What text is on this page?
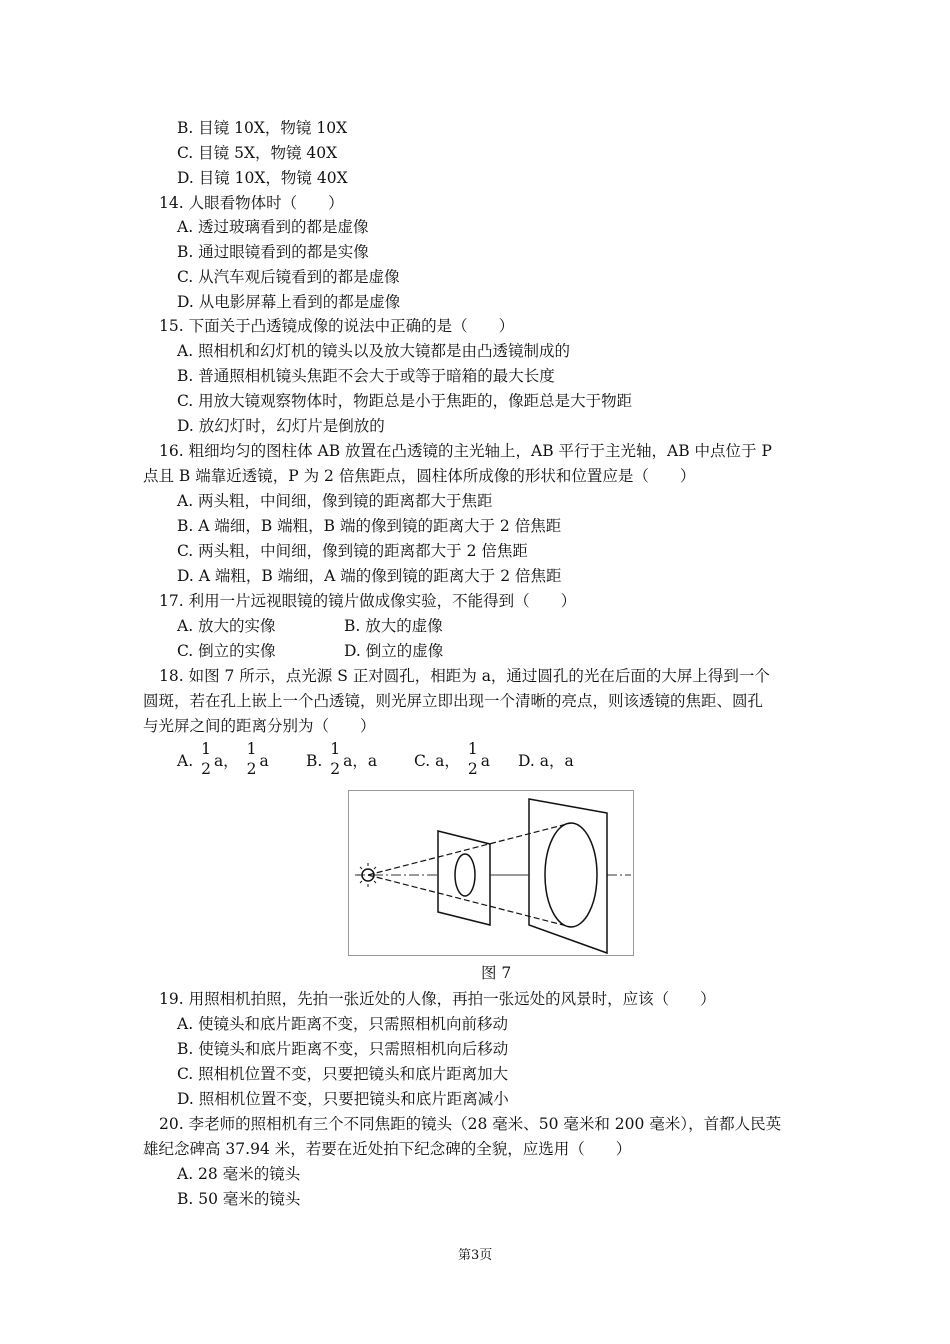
B. 目镜 10X，物镜 10X
C. 目镜 5X，物镜 40X
D. 目镜 10X，物镜 40X
14. 人眼看物体时（　　）
A. 透过玻璃看到的都是虚像
B. 通过眼镜看到的都是实像
C. 从汽车观后镜看到的都是虚像
D. 从电影屏幕上看到的都是虚像
15. 下面关于凸透镜成像的说法中正确的是（　　）
A. 照相机和幻灯机的镜头以及放大镜都是由凸透镜制成的
B. 普通照相机镜头焦距不会大于或等于暗箱的最大长度
C. 用放大镜观察物体时，物距总是小于焦距的，像距总是大于物距
D. 放幻灯时，幻灯片是倒放的
16. 粗细均匀的图柱体 AB 放置在凸透镜的主光轴上，AB 平行于主光轴，AB 中点位于 P
点且 B 端靠近透镜，P 为 2 倍焦距点，圆柱体所成像的形状和位置应是（　　）
A. 两头粗，中间细，像到镜的距离都大于焦距
B. A 端细，B 端粗，B 端的像到镜的距离大于 2 倍焦距
C. 两头粗，中间细，像到镜的距离都大于 2 倍焦距
D. A 端粗，B 端细，A 端的像到镜的距离大于 2 倍焦距
17. 利用一片远视眼镜的镜片做成像实验，不能得到（　　）
A. 放大的实像	B. 放大的虚像
C. 倒立的实像	D. 倒立的虚像
18. 如图 7 所示，点光源 S 正对圆孔，相距为 a，通过圆孔的光在后面的大屏上得到一个
圆斑，若在孔上嵌上一个凸透镜，则光屏立即出现一个清晰的亮点，则该透镜的焦距、圆孔
与光屏之间的距离分别为（　　）
A.
1
2 a，
1
2 a B.
1
2 a，a C. a，
1
2 a D. a，a
图 7
19. 用照相机拍照，先拍一张近处的人像，再拍一张远处的风景时，应该（　　）
A. 使镜头和底片距离不变，只需照相机向前移动
B. 使镜头和底片距离不变，只需照相机向后移动
C. 照相机位置不变，只要把镜头和底片距离加大
D. 照相机位置不变，只要把镜头和底片距离减小
20. 李老师的照相机有三个不同焦距的镜头（28 毫米、50 毫米和 200 毫米），首都人民英
雄纪念碑高 37.94 米，若要在近处拍下纪念碑的全貌，应选用（　　）
A. 28 毫米的镜头
B. 50 毫米的镜头
第3页
